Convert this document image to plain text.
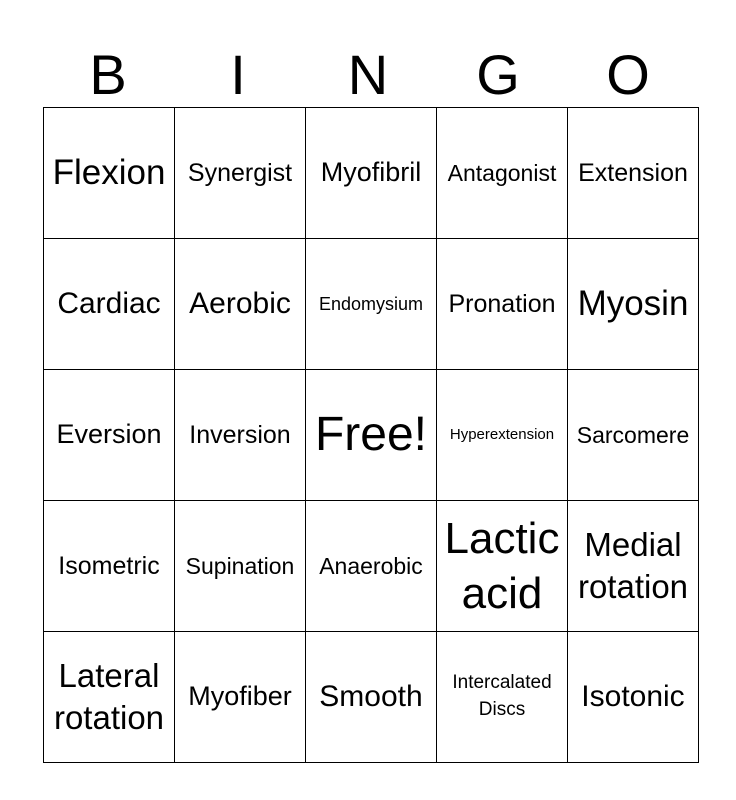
B	I	N	G	O
Flexion	Synergist	Myofibril	Antagonist	Extension

Cardiac	Aerobic	Endomysium	Pronation	Myosin

Eversion	Inversion	Free!	Hyperextension	Sarcomere

Isometric	Supination	Anaerobic	Lactic acid	Medial rotation

Lateral rotation	Myofiber	Smooth	Intercalated Discs	Isotonic
